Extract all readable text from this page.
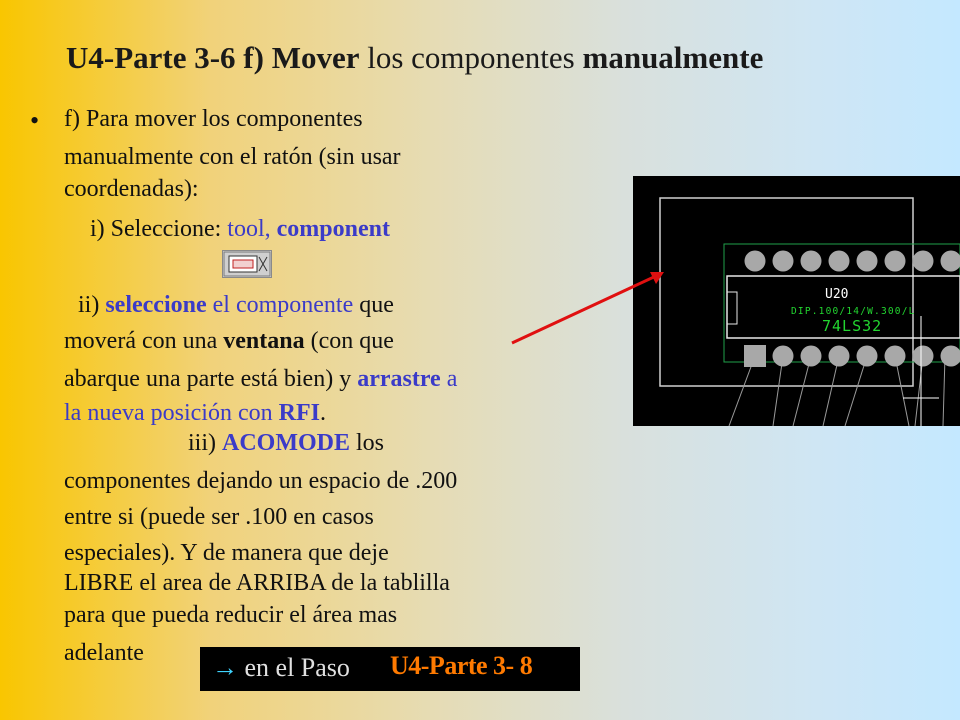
U4-Parte 3-6 f) Mover los componentes manualmente
• f) Para mover los componentes
manualmente con el ratón (sin usar
coordenadas):
i) Seleccione: tool, component
ii) seleccione el componente que
moverá con una ventana (con que
abarque una parte está bien) y arrastre a
la nueva posición con RFI.
iii) ACOMODE los
componentes dejando un espacio de .200
entre si (puede ser .100 en casos
especiales). Y de manera que deje
LIBRE el area de ARRIBA de la tablilla
para que pueda reducir el área mas
adelante
U20
DIP.100/14/W.300/L
74LS32
→ en el Paso U4-Parte 3- 8
